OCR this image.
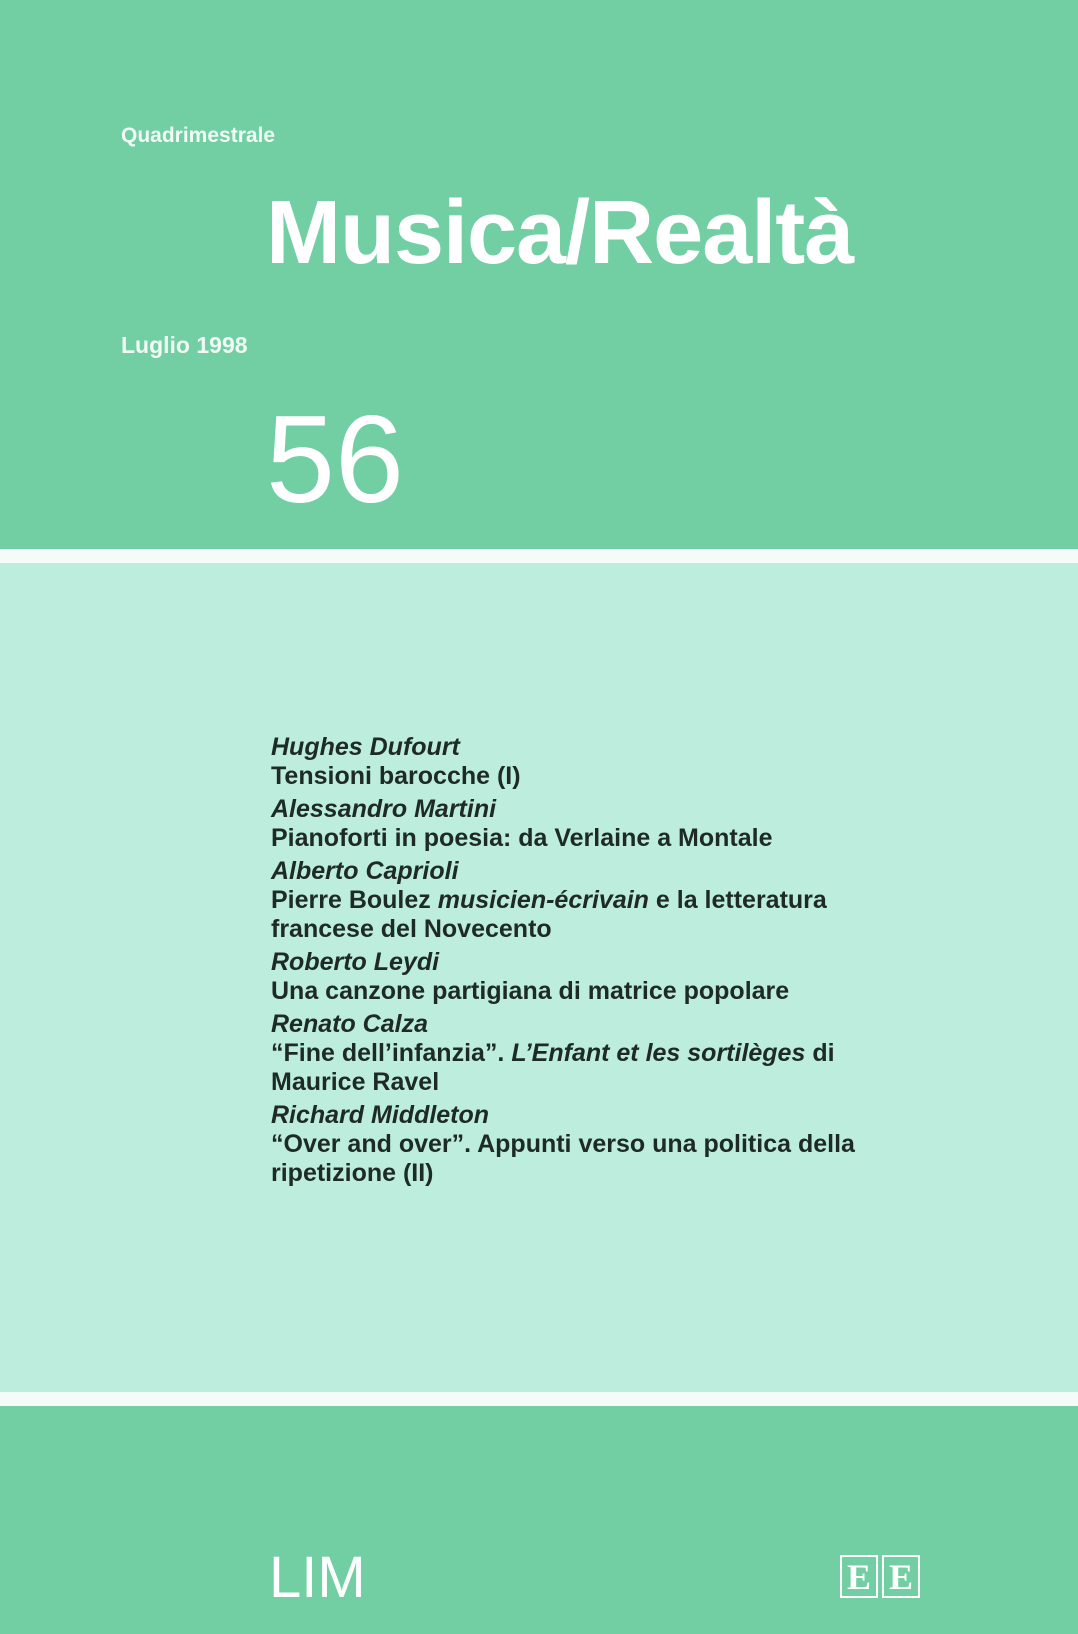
Quadrimestrale
Musica/Realtà
Luglio 1998
56
Hughes Dufourt
Tensioni barocche (I)
Alessandro Martini
Pianoforti in poesia: da Verlaine a Montale
Alberto Caprioli
Pierre Boulez musicien-écrivain e la letteratura francese del Novecento
Roberto Leydi
Una canzone partigiana di matrice popolare
Renato Calza
“Fine dell’infanzia”. L’Enfant et les sortilèges di Maurice Ravel
Richard Middleton
“Over and over”. Appunti verso una politica della ripetizione (II)
LIM	E E
